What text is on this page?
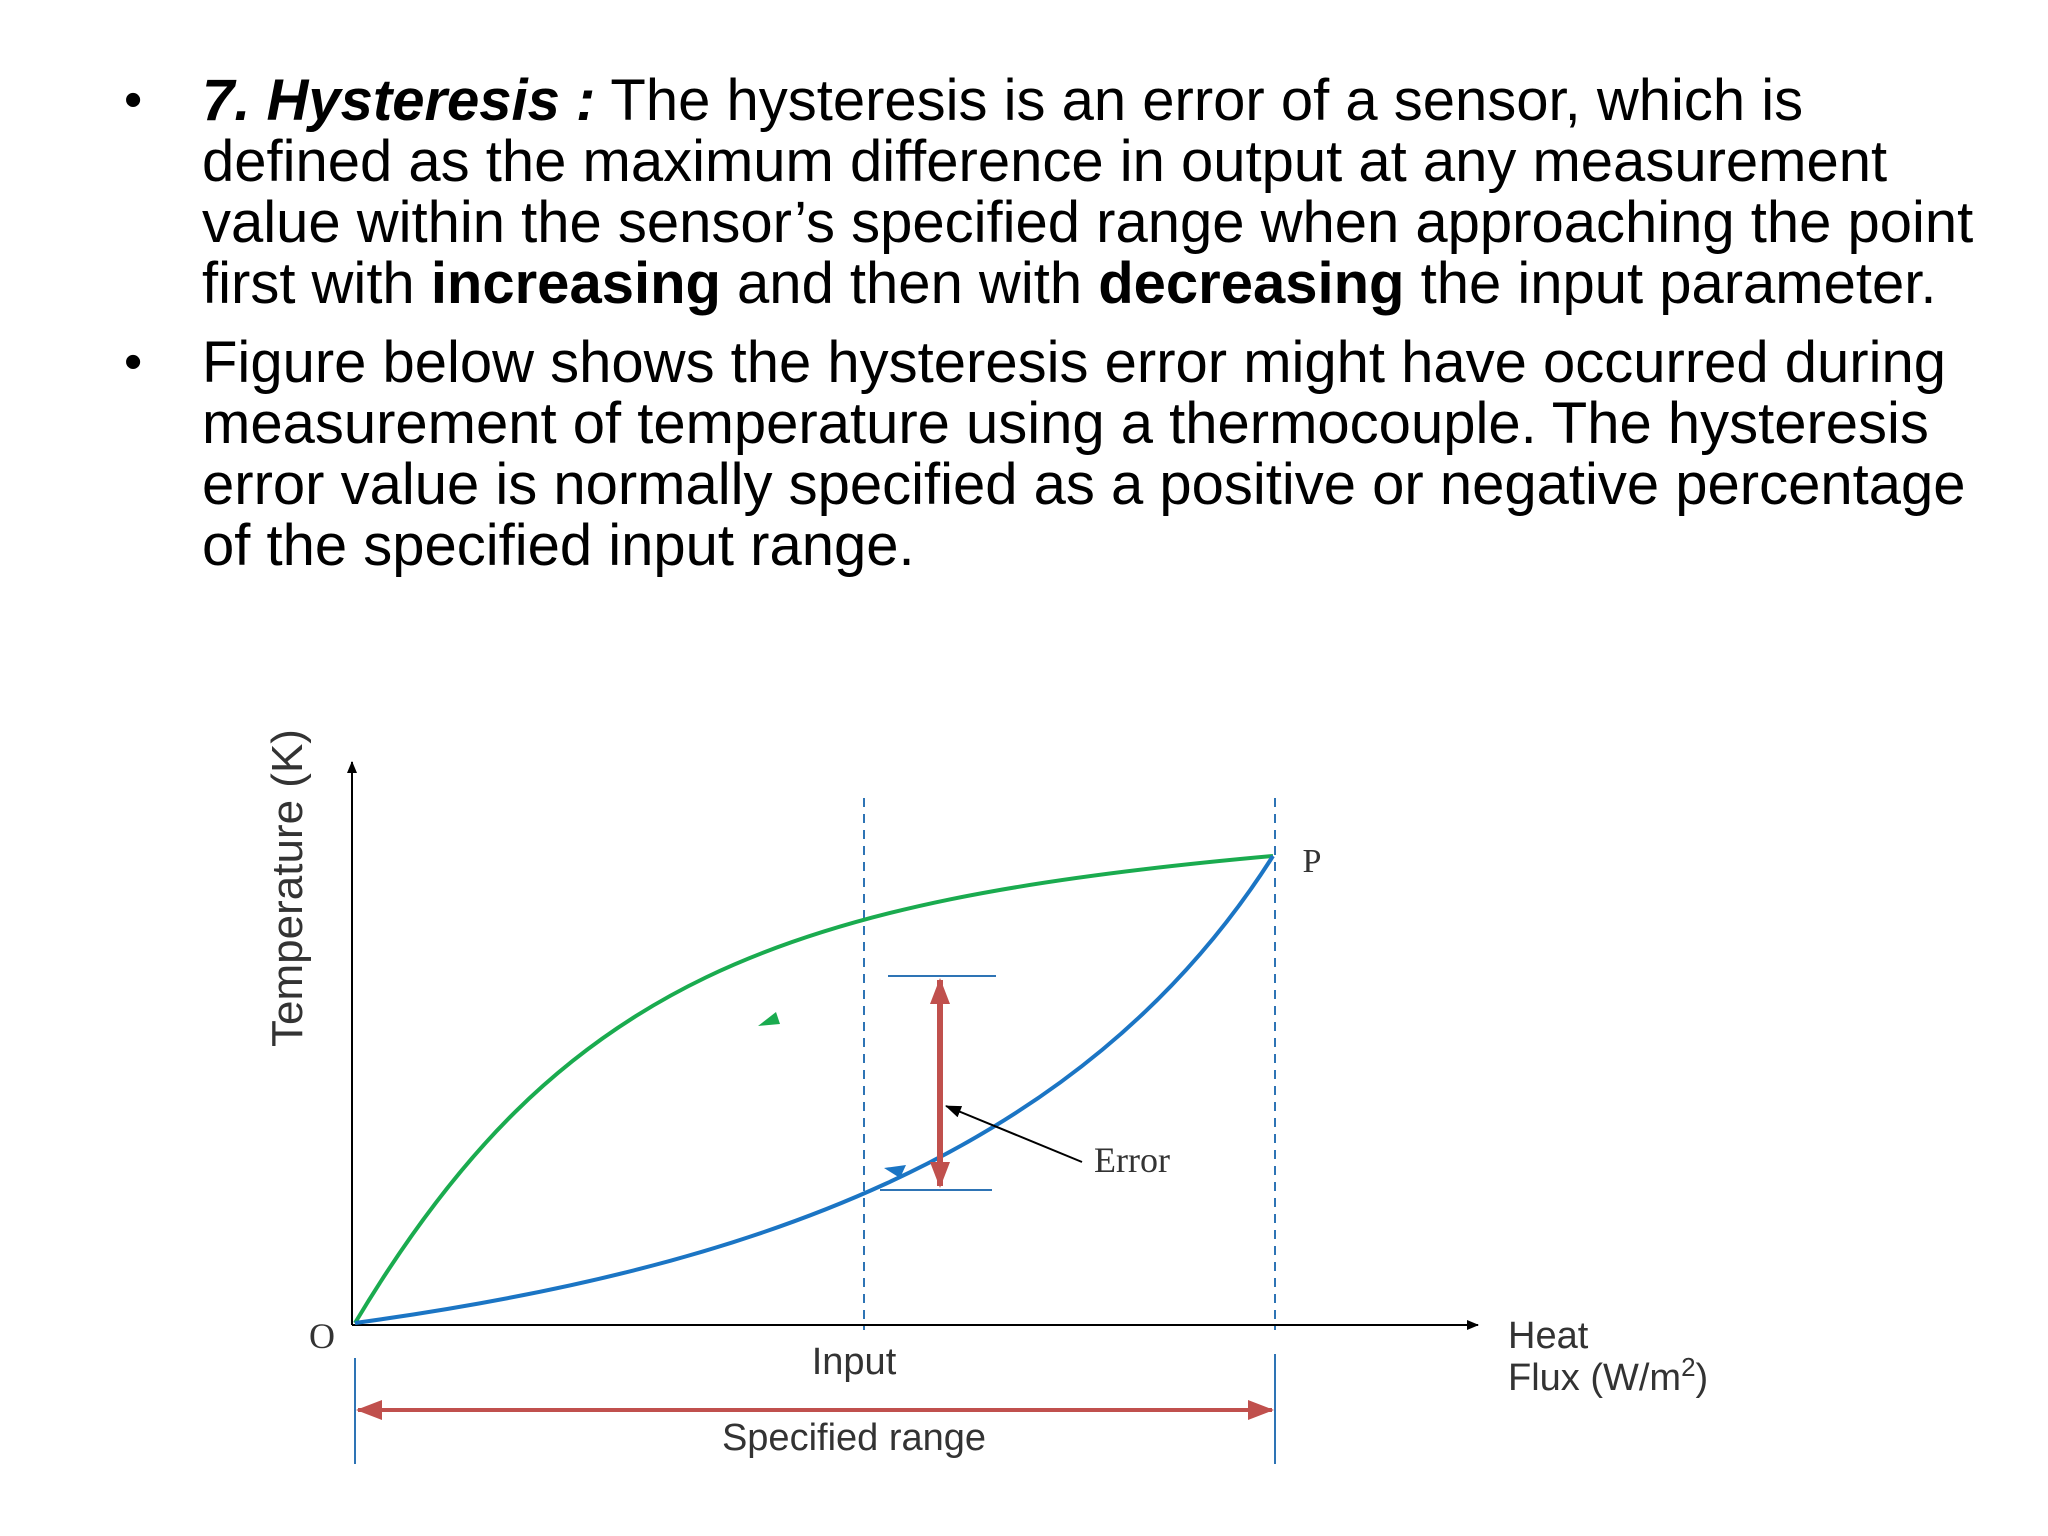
•	7. Hysteresis : The hysteresis is an error of a sensor, which is defined as the maximum difference in output at any measurement value within the sensor’s specified range when approaching the point first with increasing and then with decreasing the input parameter.
•	Figure below shows the hysteresis error might have occurred during measurement of temperature using a thermocouple. The hysteresis error value is normally specified as a positive or negative percentage of the specified input range.
Temperature (K)
O
P
Error
Input
Specified range
Heat
Flux $(W/m^2)$
